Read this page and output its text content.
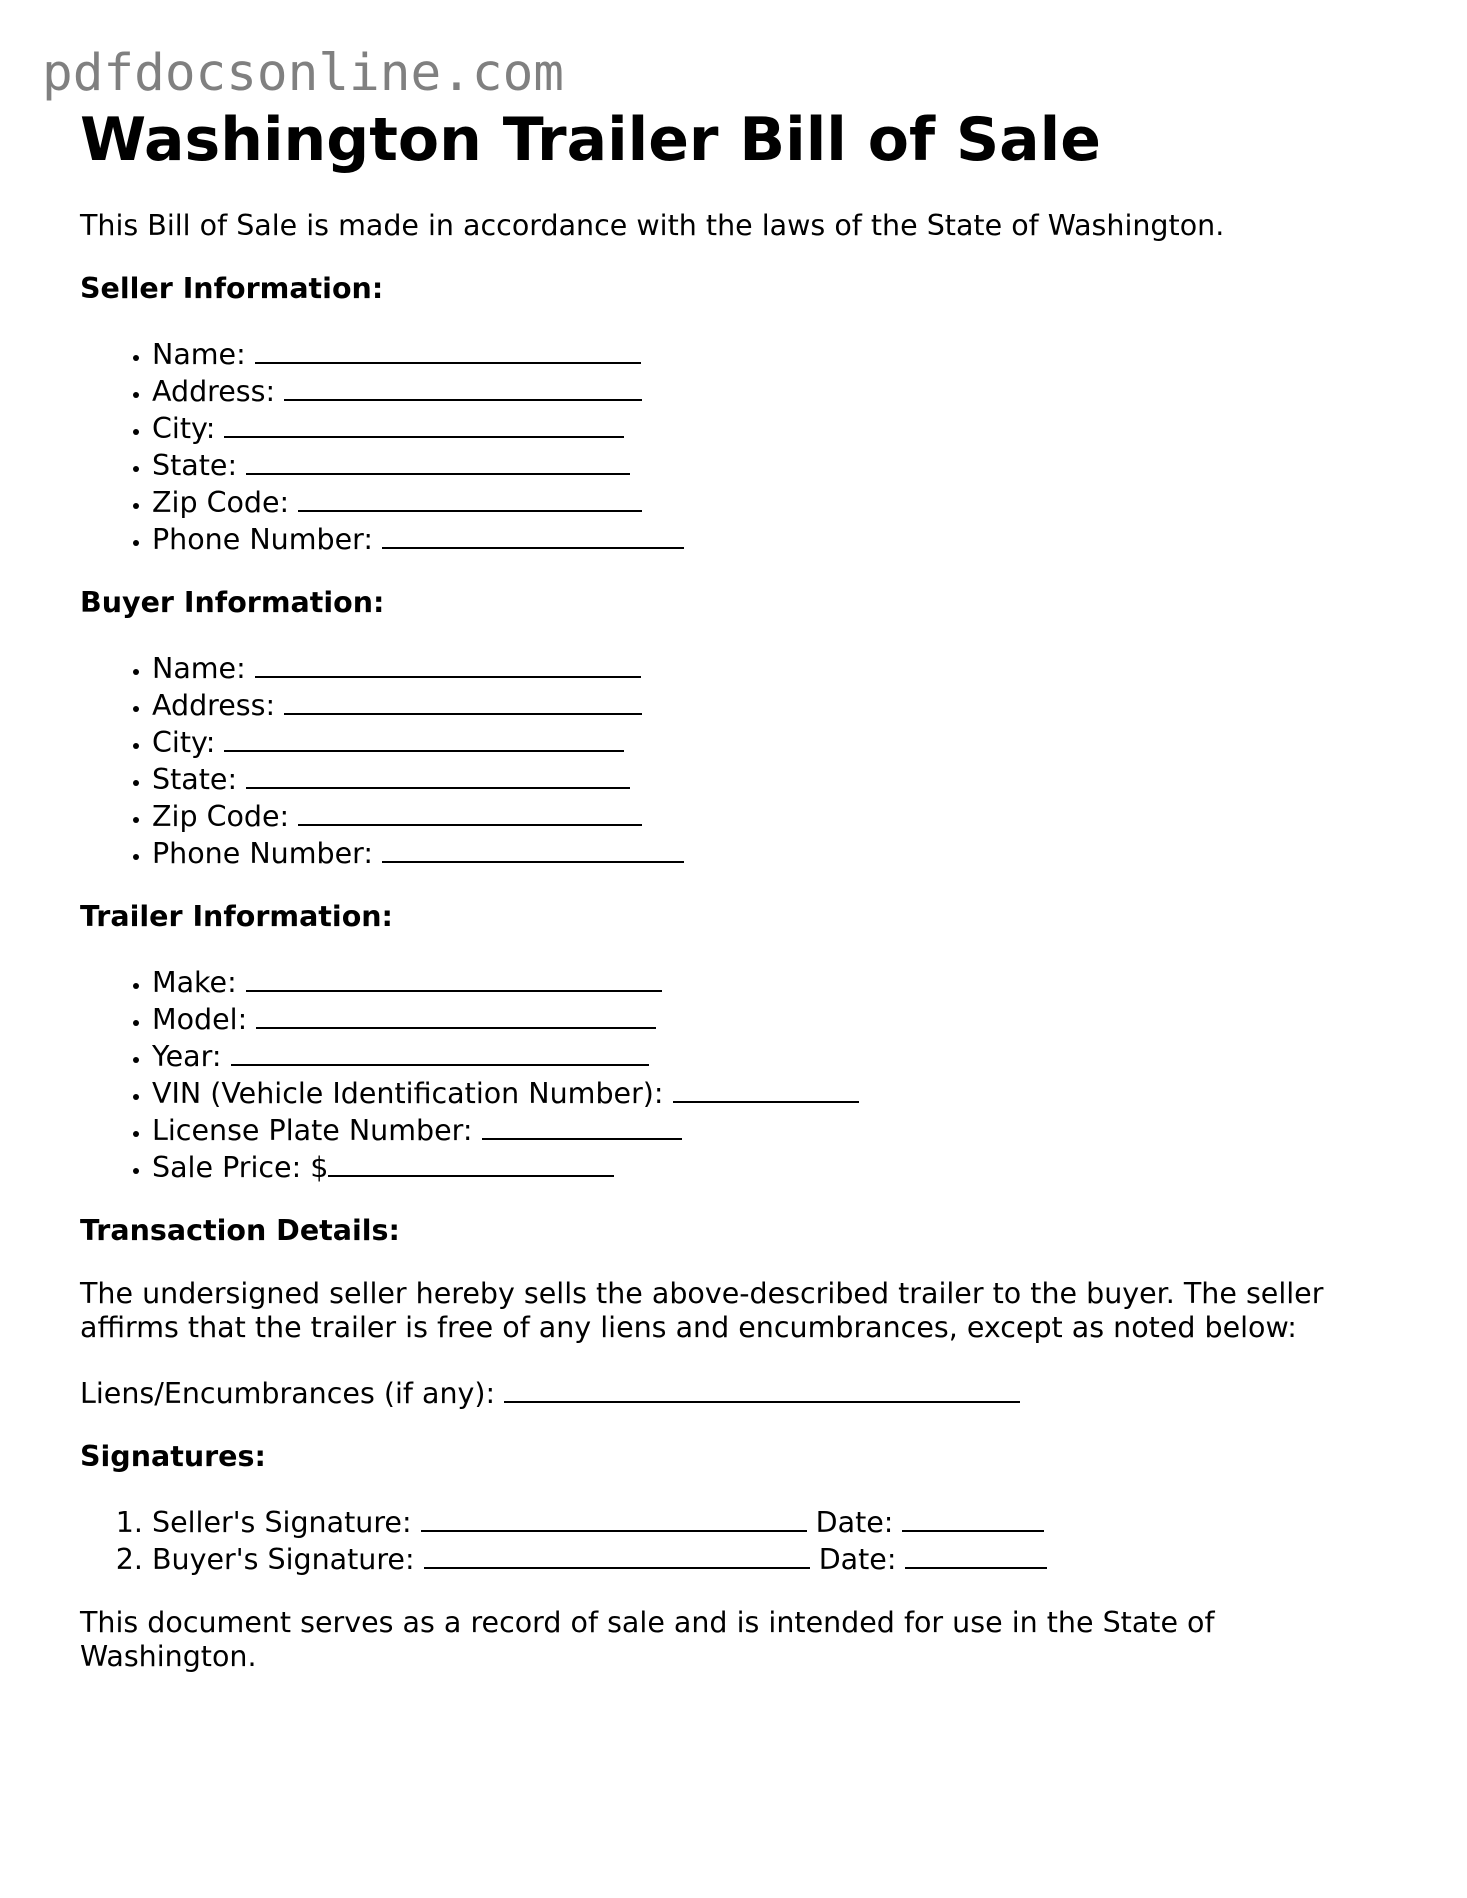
pdfdocsonline.com
Washington Trailer Bill of Sale

This Bill of Sale is made in accordance with the laws of the State of Washington.

Seller Information:
• Name:
• Address:
• City:
• State:
• Zip Code:
• Phone Number:
Buyer Information:
• Name:
• Address:
• City:
• State:
• Zip Code:
• Phone Number:
Trailer Information:
• Make:
• Model:
• Year:
• VIN (Vehicle Identification Number):
• License Plate Number:
• Sale Price: $
Transaction Details:

The undersigned seller hereby sells the above-described trailer to the buyer. The seller affirms that the trailer is free of any liens and encumbrances, except as noted below:

Liens/Encumbrances (if any):

Signatures:
1. Seller's Signature:	Date:
2. Buyer's Signature:	Date:

This document serves as a record of sale and is intended for use in the State of Washington.
